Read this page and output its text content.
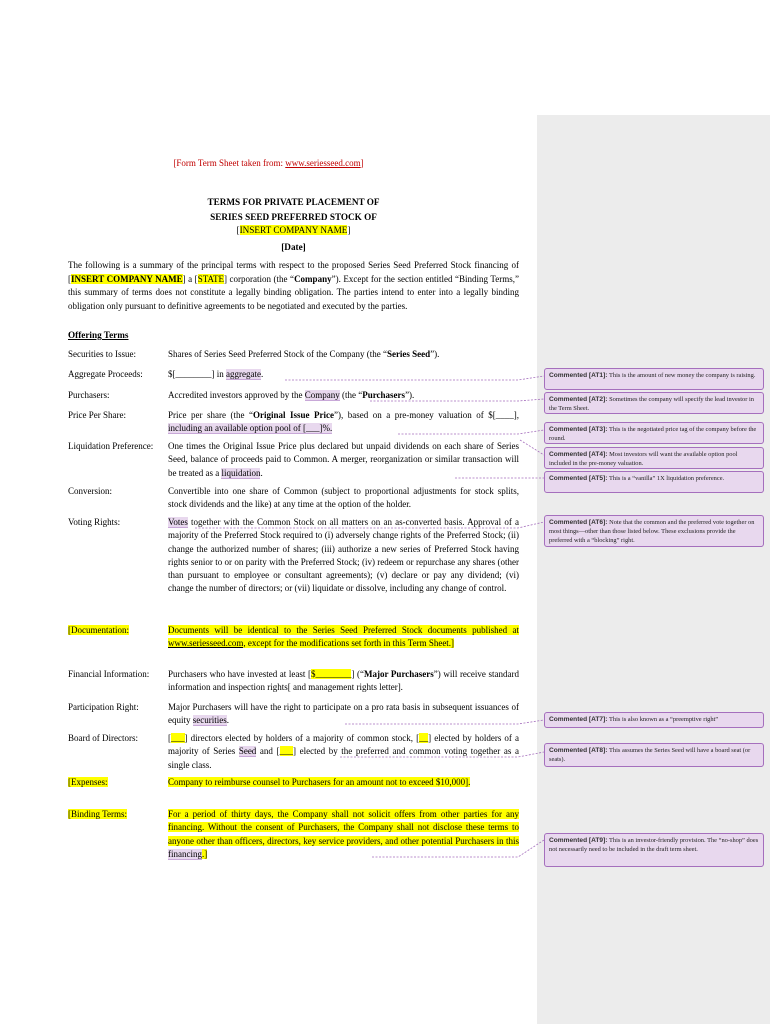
[Form Term Sheet taken from: www.seriesseed.com]
TERMS FOR PRIVATE PLACEMENT OF
SERIES SEED PREFERRED STOCK OF
[INSERT COMPANY NAME]
[Date]
The following is a summary of the principal terms with respect to the proposed Series Seed Preferred Stock financing of [INSERT COMPANY NAME] a [STATE] corporation (the “Company”). Except for the section entitled “Binding Terms,” this summary of terms does not constitute a legally binding obligation. The parties intend to enter into a legally binding obligation only pursuant to definitive agreements to be negotiated and executed by the parties.
Offering Terms
Securities to Issue:	Shares of Series Seed Preferred Stock of the Company (the “Series Seed”).
Aggregate Proceeds:	$[________] in aggregate.
Purchasers:	Accredited investors approved by the Company (the “Purchasers”).
Price Per Share:	Price per share (the “Original Issue Price”), based on a pre-money valuation of $[____], including an available option pool of [___]%.
Liquidation Preference:	One times the Original Issue Price plus declared but unpaid dividends on each share of Series Seed, balance of proceeds paid to Common. A merger, reorganization or similar transaction will be treated as a liquidation.
Conversion:	Convertible into one share of Common (subject to proportional adjustments for stock splits, stock dividends and the like) at any time at the option of the holder.
Voting Rights:	Votes together with the Common Stock on all matters on an as-converted basis. Approval of a majority of the Preferred Stock required to (i) adversely change rights of the Preferred Stock; (ii) change the authorized number of shares; (iii) authorize a new series of Preferred Stock having rights senior to or on parity with the Preferred Stock; (iv) redeem or repurchase any shares (other than pursuant to employee or consultant agreements); (v) declare or pay any dividend; (vi) change the number of directors; or (vii) liquidate or dissolve, including any change of control.
[Documentation:	Documents will be identical to the Series Seed Preferred Stock documents published at www.seriesseed.com, except for the modifications set forth in this Term Sheet.]
Financial Information:	Purchasers who have invested at least [$________] (“Major Purchasers”) will receive standard information and inspection rights[ and management rights letter].
Participation Right:	Major Purchasers will have the right to participate on a pro rata basis in subsequent issuances of equity securities.
Board of Directors:	[___] directors elected by holders of a majority of common stock, [__] elected by holders of a majority of Series Seed and [___] elected by the preferred and common voting together as a single class.
[Expenses:	Company to reimburse counsel to Purchasers for an amount not to exceed $10,000].
[Binding Terms:	For a period of thirty days, the Company shall not solicit offers from other parties for any financing. Without the consent of Purchasers, the Company shall not disclose these terms to anyone other than officers, directors, key service providers, and other potential Purchasers in this financing.]
Commented [AT1]: This is the amount of new money the company is raising.
Commented [AT2]: Sometimes the company will specify the lead investor in the Term Sheet.
Commented [AT3]: This is the negotiated price tag of the company before the round.
Commented [AT4]: Most investors will want the available option pool included in the pre-money valuation.
Commented [AT5]: This is a “vanilla” 1X liquidation preference.
Commented [AT6]: Note that the common and the preferred vote together on most things—other than those listed below. These exclusions provide the preferred with a “blocking” right.
Commented [AT7]: This is also known as a “preemptive right”
Commented [AT8]: This assumes the Series Seed will have a board seat (or seats).
Commented [AT9]: This is an investor-friendly provision. The “no-shop” does not necessarily need to be included in the draft term sheet.
